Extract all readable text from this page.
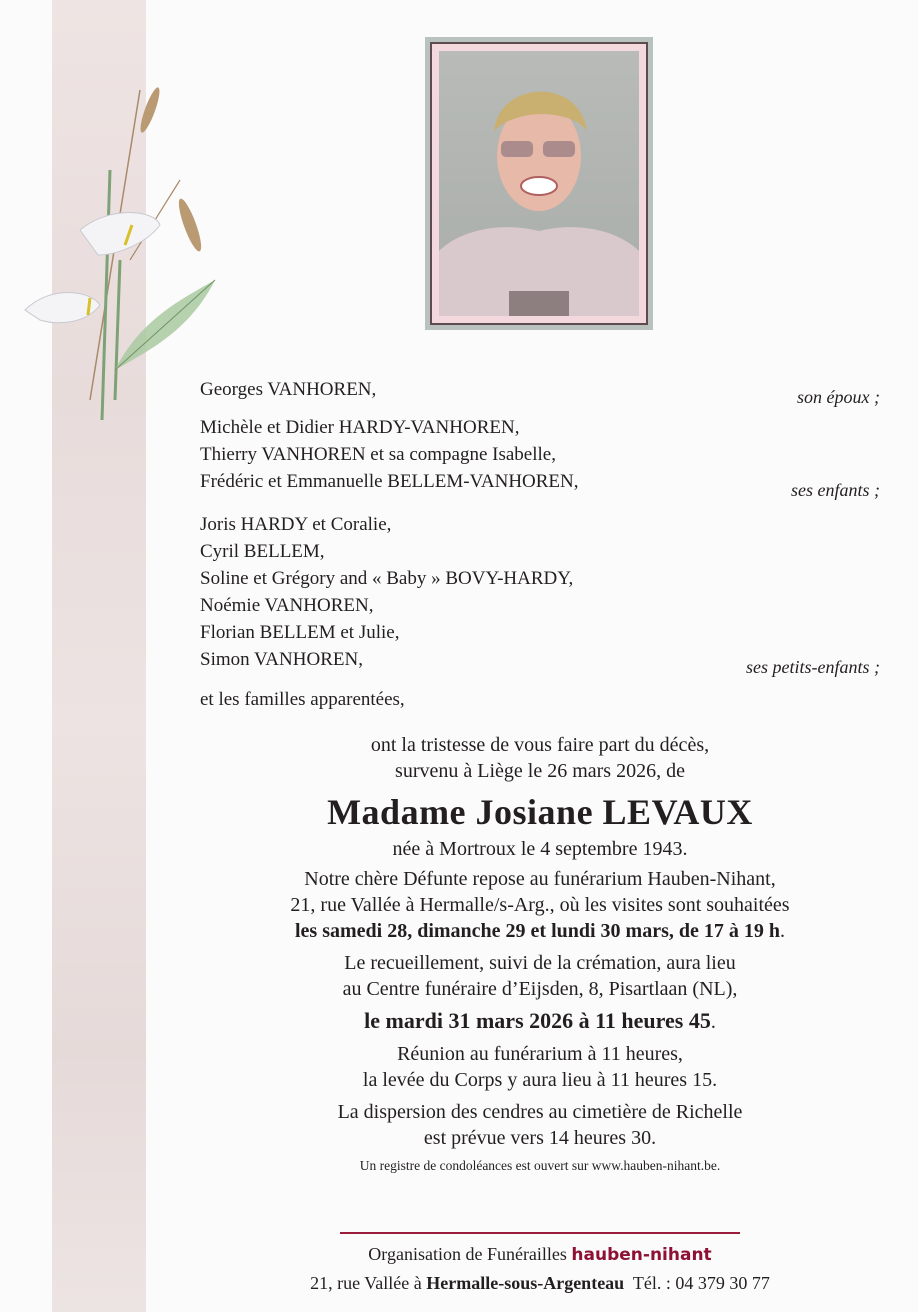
Georges VANHOREN,	son époux ;
Michèle et Didier HARDY-VANHOREN,
Thierry VANHOREN et sa compagne Isabelle,
Frédéric et Emmanuelle BELLEM-VANHOREN,	ses enfants ;
Joris HARDY et Coralie,
Cyril BELLEM,
Soline et Grégory and « Baby » BOVY-HARDY,
Noémie VANHOREN,
Florian BELLEM et Julie,
Simon VANHOREN,	ses petits-enfants ;
et les familles apparentées,
ont la tristesse de vous faire part du décès,
survenu à Liège le 26 mars 2026, de
Madame Josiane LEVAUX
née à Mortroux le 4 septembre 1943.
Notre chère Défunte repose au funérarium Hauben-Nihant,
21, rue Vallée à Hermalle/s-Arg., où les visites sont souhaitées
les samedi 28, dimanche 29 et lundi 30 mars, de 17 à 19 h.
Le recueillement, suivi de la crémation, aura lieu
au Centre funéraire d’Eijsden, 8, Pisartlaan (NL),
le mardi 31 mars 2026 à 11 heures 45.
Réunion au funérarium à 11 heures,
la levée du Corps y aura lieu à 11 heures 15.
La dispersion des cendres au cimetière de Richelle
est prévue vers 14 heures 30.
Un registre de condoléances est ouvert sur www.hauben-nihant.be.
Organisation de Funérailles hauben-nihant
21, rue Vallée à Hermalle-sous-Argenteau Tél. : 04 379 30 77
